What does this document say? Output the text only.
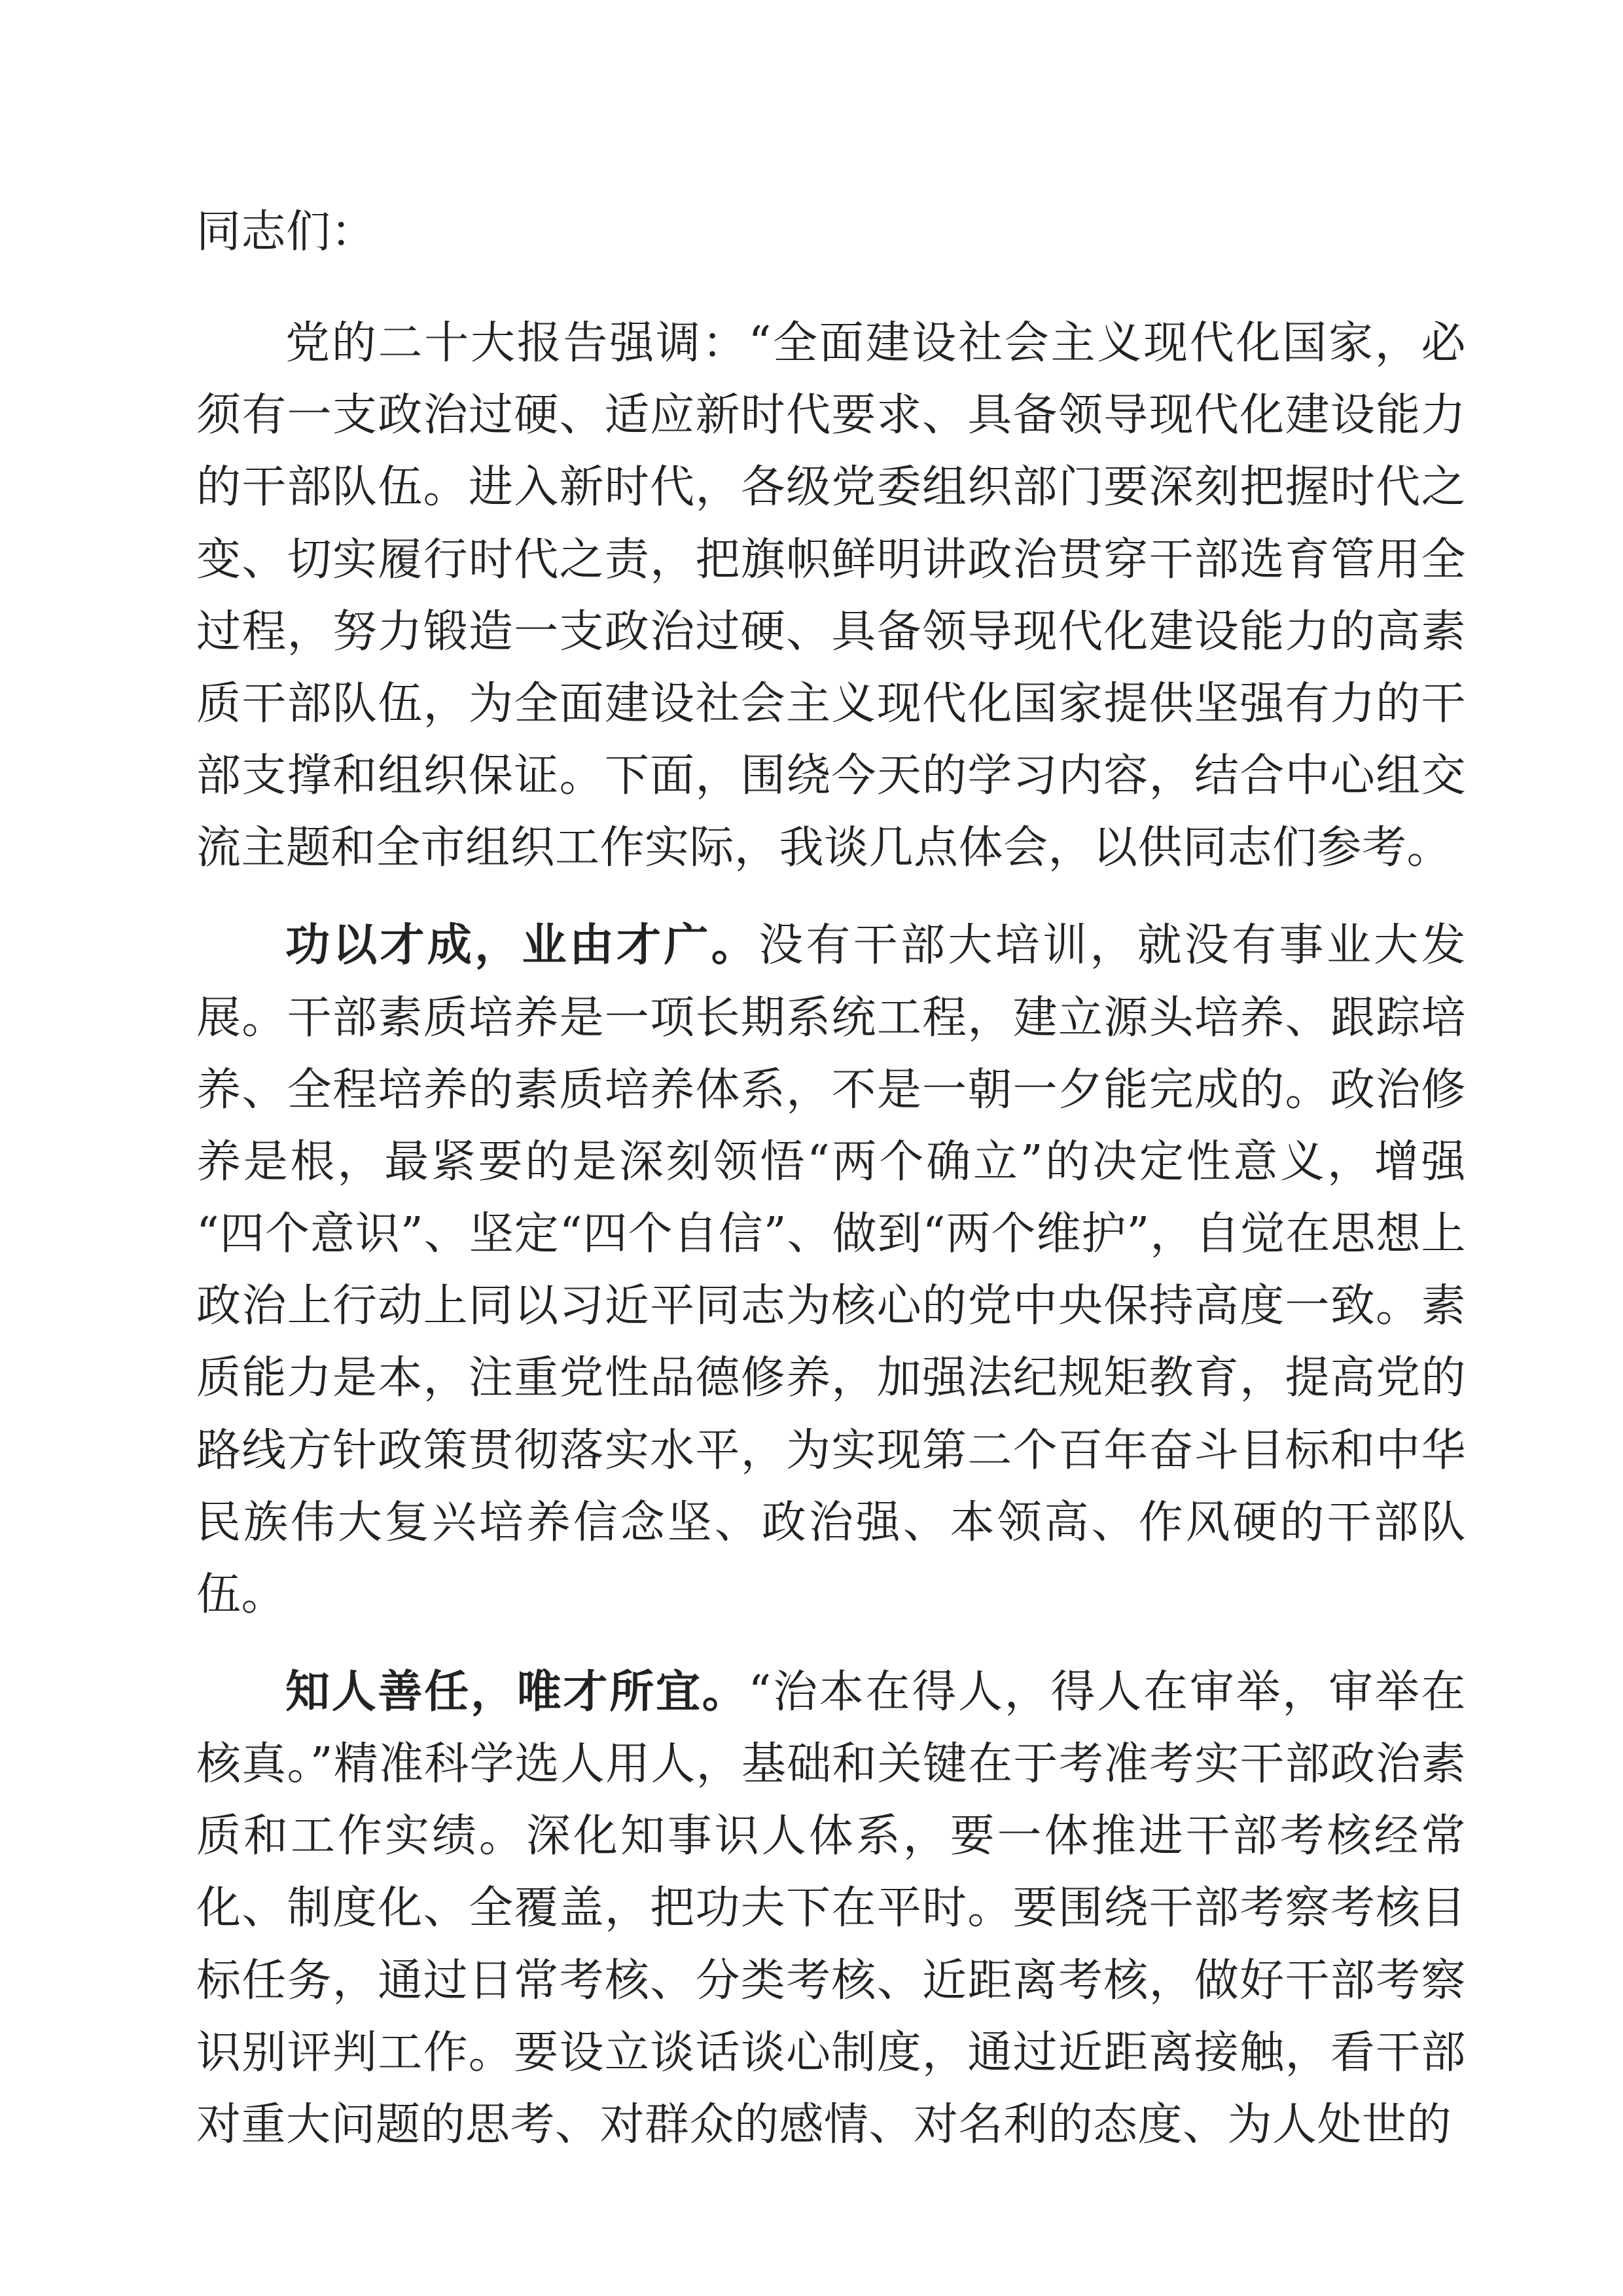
同志们：

党的二十大报告强调：“全面建设社会主义现代化国家，必须有一支政治过硬、适应新时代要求、具备领导现代化建设能力的干部队伍。进入新时代，各级党委组织部门要深刻把握时代之变、切实履行时代之责，把旗帜鲜明讲政治贯穿干部选育管用全过程，努力锻造一支政治过硬、具备领导现代化建设能力的高素质干部队伍，为全面建设社会主义现代化国家提供坚强有力的干部支撑和组织保证。下面，围绕今天的学习内容，结合中心组交流主题和全市组织工作实际，我谈几点体会，以供同志们参考。

功以才成，业由才广。没有干部大培训，就没有事业大发展。干部素质培养是一项长期系统工程，建立源头培养、跟踪培养、全程培养的素质培养体系，不是一朝一夕能完成的。政治修养是根，最紧要的是深刻领悟“两个确立”的决定性意义，增强“四个意识”、坚定“四个自信”、做到“两个维护”，自觉在思想上政治上行动上同以习近平同志为核心的党中央保持高度一致。素质能力是本，注重党性品德修养，加强法纪规矩教育，提高党的路线方针政策贯彻落实水平，为实现第二个百年奋斗目标和中华民族伟大复兴培养信念坚、政治强、本领高、作风硬的干部队伍。

知人善任，唯才所宜。“治本在得人，得人在审举，审举在核真。”精准科学选人用人，基础和关键在于考准考实干部政治素质和工作实绩。深化知事识人体系，要一体推进干部考核经常化、制度化、全覆盖，把功夫下在平时。要围绕干部考察考核目标任务，通过日常考核、分类考核、近距离考核，做好干部考察识别评判工作。要设立谈话谈心制度，通过近距离接触，看干部对重大问题的思考、对群众的感情、对名利的态度、为人处世的
